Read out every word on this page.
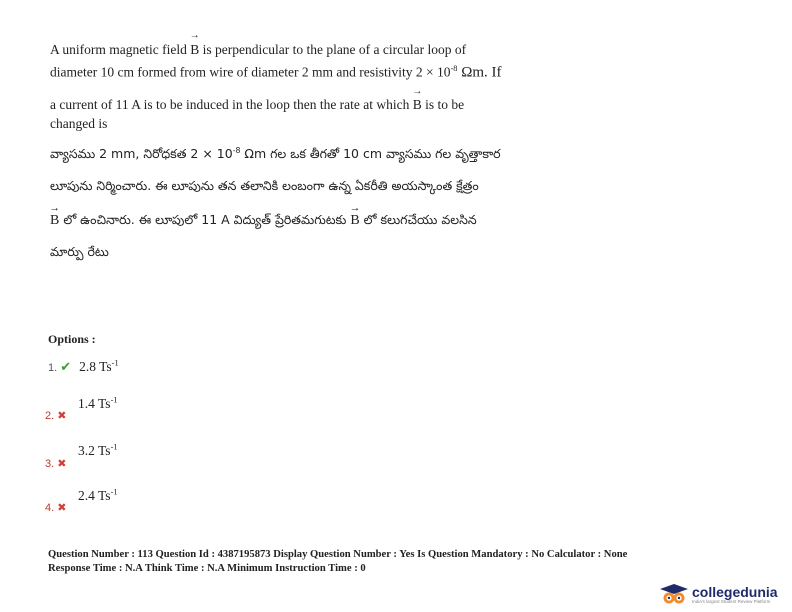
A uniform magnetic field → B is perpendicular to the plane of a circular loop of
diameter 10 cm formed from wire of diameter 2 mm and resistivity $2 \times 10^{-8}$ Ωm. If
a current of 11 A is to be induced in the loop then the rate at which → B is to be
changed is
వ్యాసము 2 mm, నిరోధకత $2 \times 10^{-8}$ Ωm గల ఒక తీగతో 10 cm వ్యాసము గల వృత్తాకార
లూపును నిర్మించారు. ఈ లూపును తన తలానికి లంబంగా ఉన్న ఏకరీతి అయస్కాంత క్షేత్రం
→ B లో ఉంచినారు. ఈ లూపులో 11 A విద్యుత్ ప్రేరితమగుటకు → B లో కలుగచేయు వలసిన
మార్పు రేటు
Options :
1. ✔ 2.8 $Ts^{-1}$
1.4 $Ts^{-1}$
2. ✖
3.2 $Ts^{-1}$
3. ✖
2.4 $Ts^{-1}$
4. ✖
Question Number : 113 Question Id : 4387195873 Display Question Number : Yes Is Question Mandatory : No Calculator : None
Response Time : N.A Think Time : N.A Minimum Instruction Time : 0
collegedunia
India's largest Student Review Platform
